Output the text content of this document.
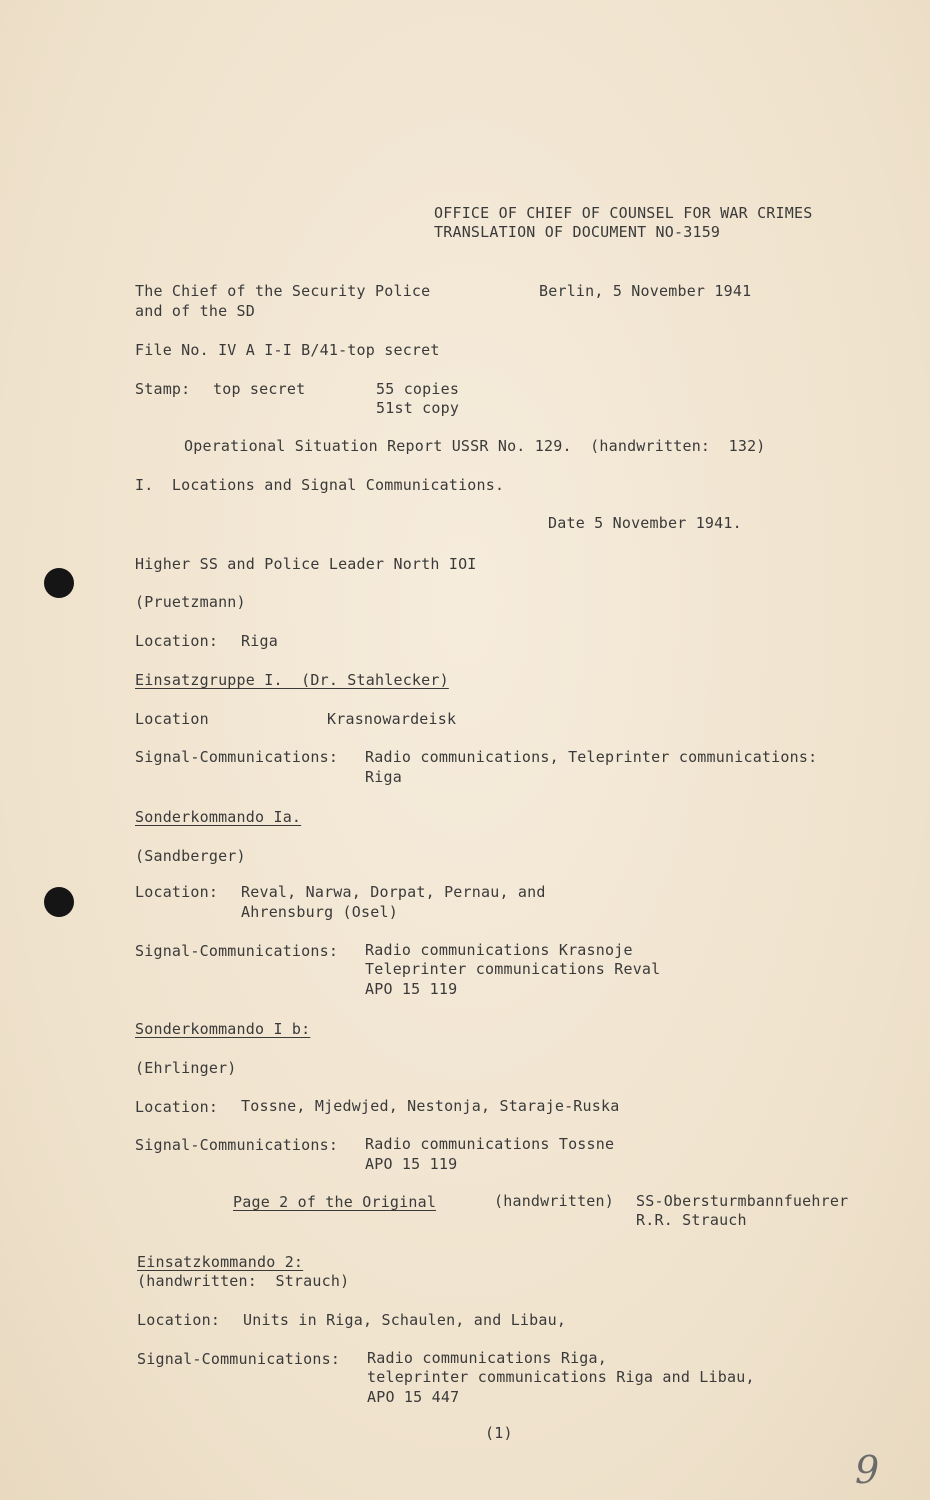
OFFICE OF CHIEF OF COUNSEL FOR WAR CRIMES
TRANSLATION OF DOCUMENT NO-3159
The Chief of the Security Police
and of the SD
Berlin, 5 November 1941
File No. IV A I-I B/41-top secret
Stamp: top secret	55 copies
51st copy
Operational Situation Report USSR No. 129.  (handwritten:  132)
I.  Locations and Signal Communications.
Date 5 November 1941.
Higher SS and Police Leader North IOI
(Pruetzmann)
Location: Riga
Einsatzgruppe I.  (Dr. Stahlecker)
Location	Krasnowardeisk
Signal-Communications: Radio communications, Teleprinter communications:
Riga
Sonderkommando Ia.
(Sandberger)
Location: Reval, Narwa, Dorpat, Pernau, and
Ahrensburg (Osel)
Signal-Communications: Radio communications Krasnoje
Teleprinter communications Reval
APO 15 119
Sonderkommando I b:
(Ehrlinger)
Location: Tossne, Mjedwjed, Nestonja, Staraje-Ruska
Signal-Communications: Radio communications Tossne
APO 15 119
Page 2 of the Original	(handwritten) SS-Obersturmbannfuehrer
R.R. Strauch
Einsatzkommando 2:
(handwritten:  Strauch)
Location: Units in Riga, Schaulen, and Libau,
Signal-Communications: Radio communications Riga,
teleprinter communications Riga and Libau,
APO 15 447
(1)
9
